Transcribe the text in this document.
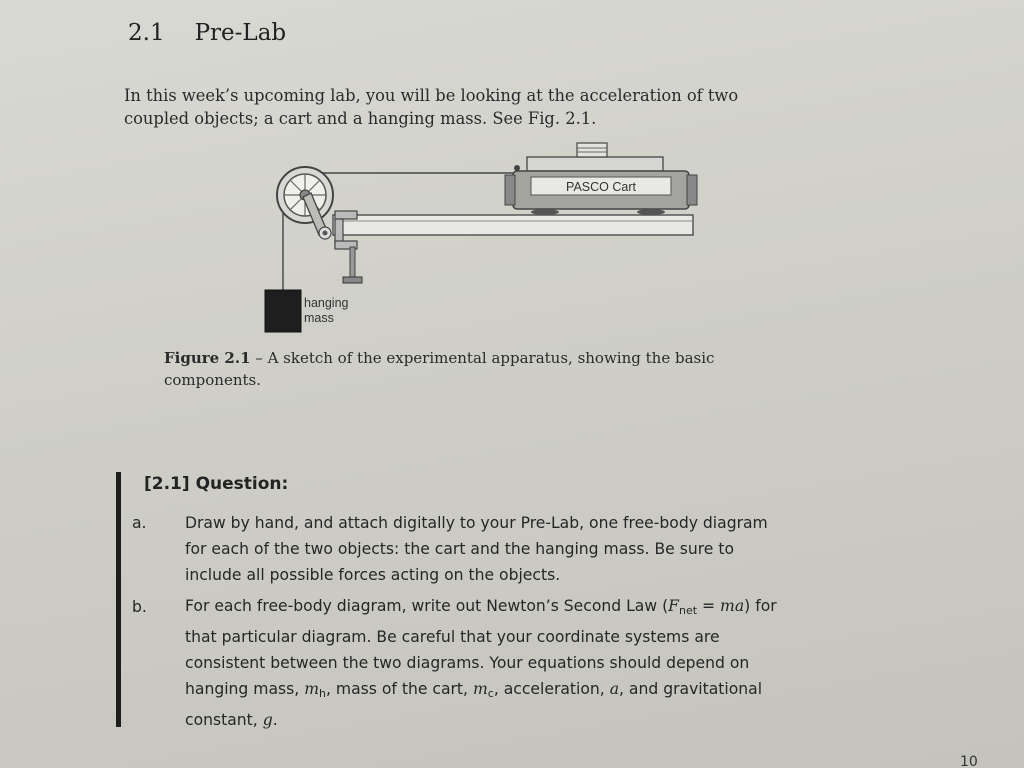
2.1 Pre-Lab
In this week’s upcoming lab, you will be looking at the acceleration of two coupled objects; a cart and a hanging mass. See Fig. 2.1.
PASCO Cart
hanging
mass
Figure 2.1 – A sketch of the experimental apparatus, showing the basic components.
[2.1] Question:
a. Draw by hand, and attach digitally to your Pre-Lab, one free-body diagram for each of the two objects: the cart and the hanging mass. Be sure to include all possible forces acting on the objects.
b. For each free-body diagram, write out Newton’s Second Law $(F_{net} = ma)$ for that particular diagram. Be careful that your coordinate systems are consistent between the two diagrams. Your equations should depend on hanging mass, $m_h$, mass of the cart, $m_c$, acceleration, a, and gravitational constant, g.
10
